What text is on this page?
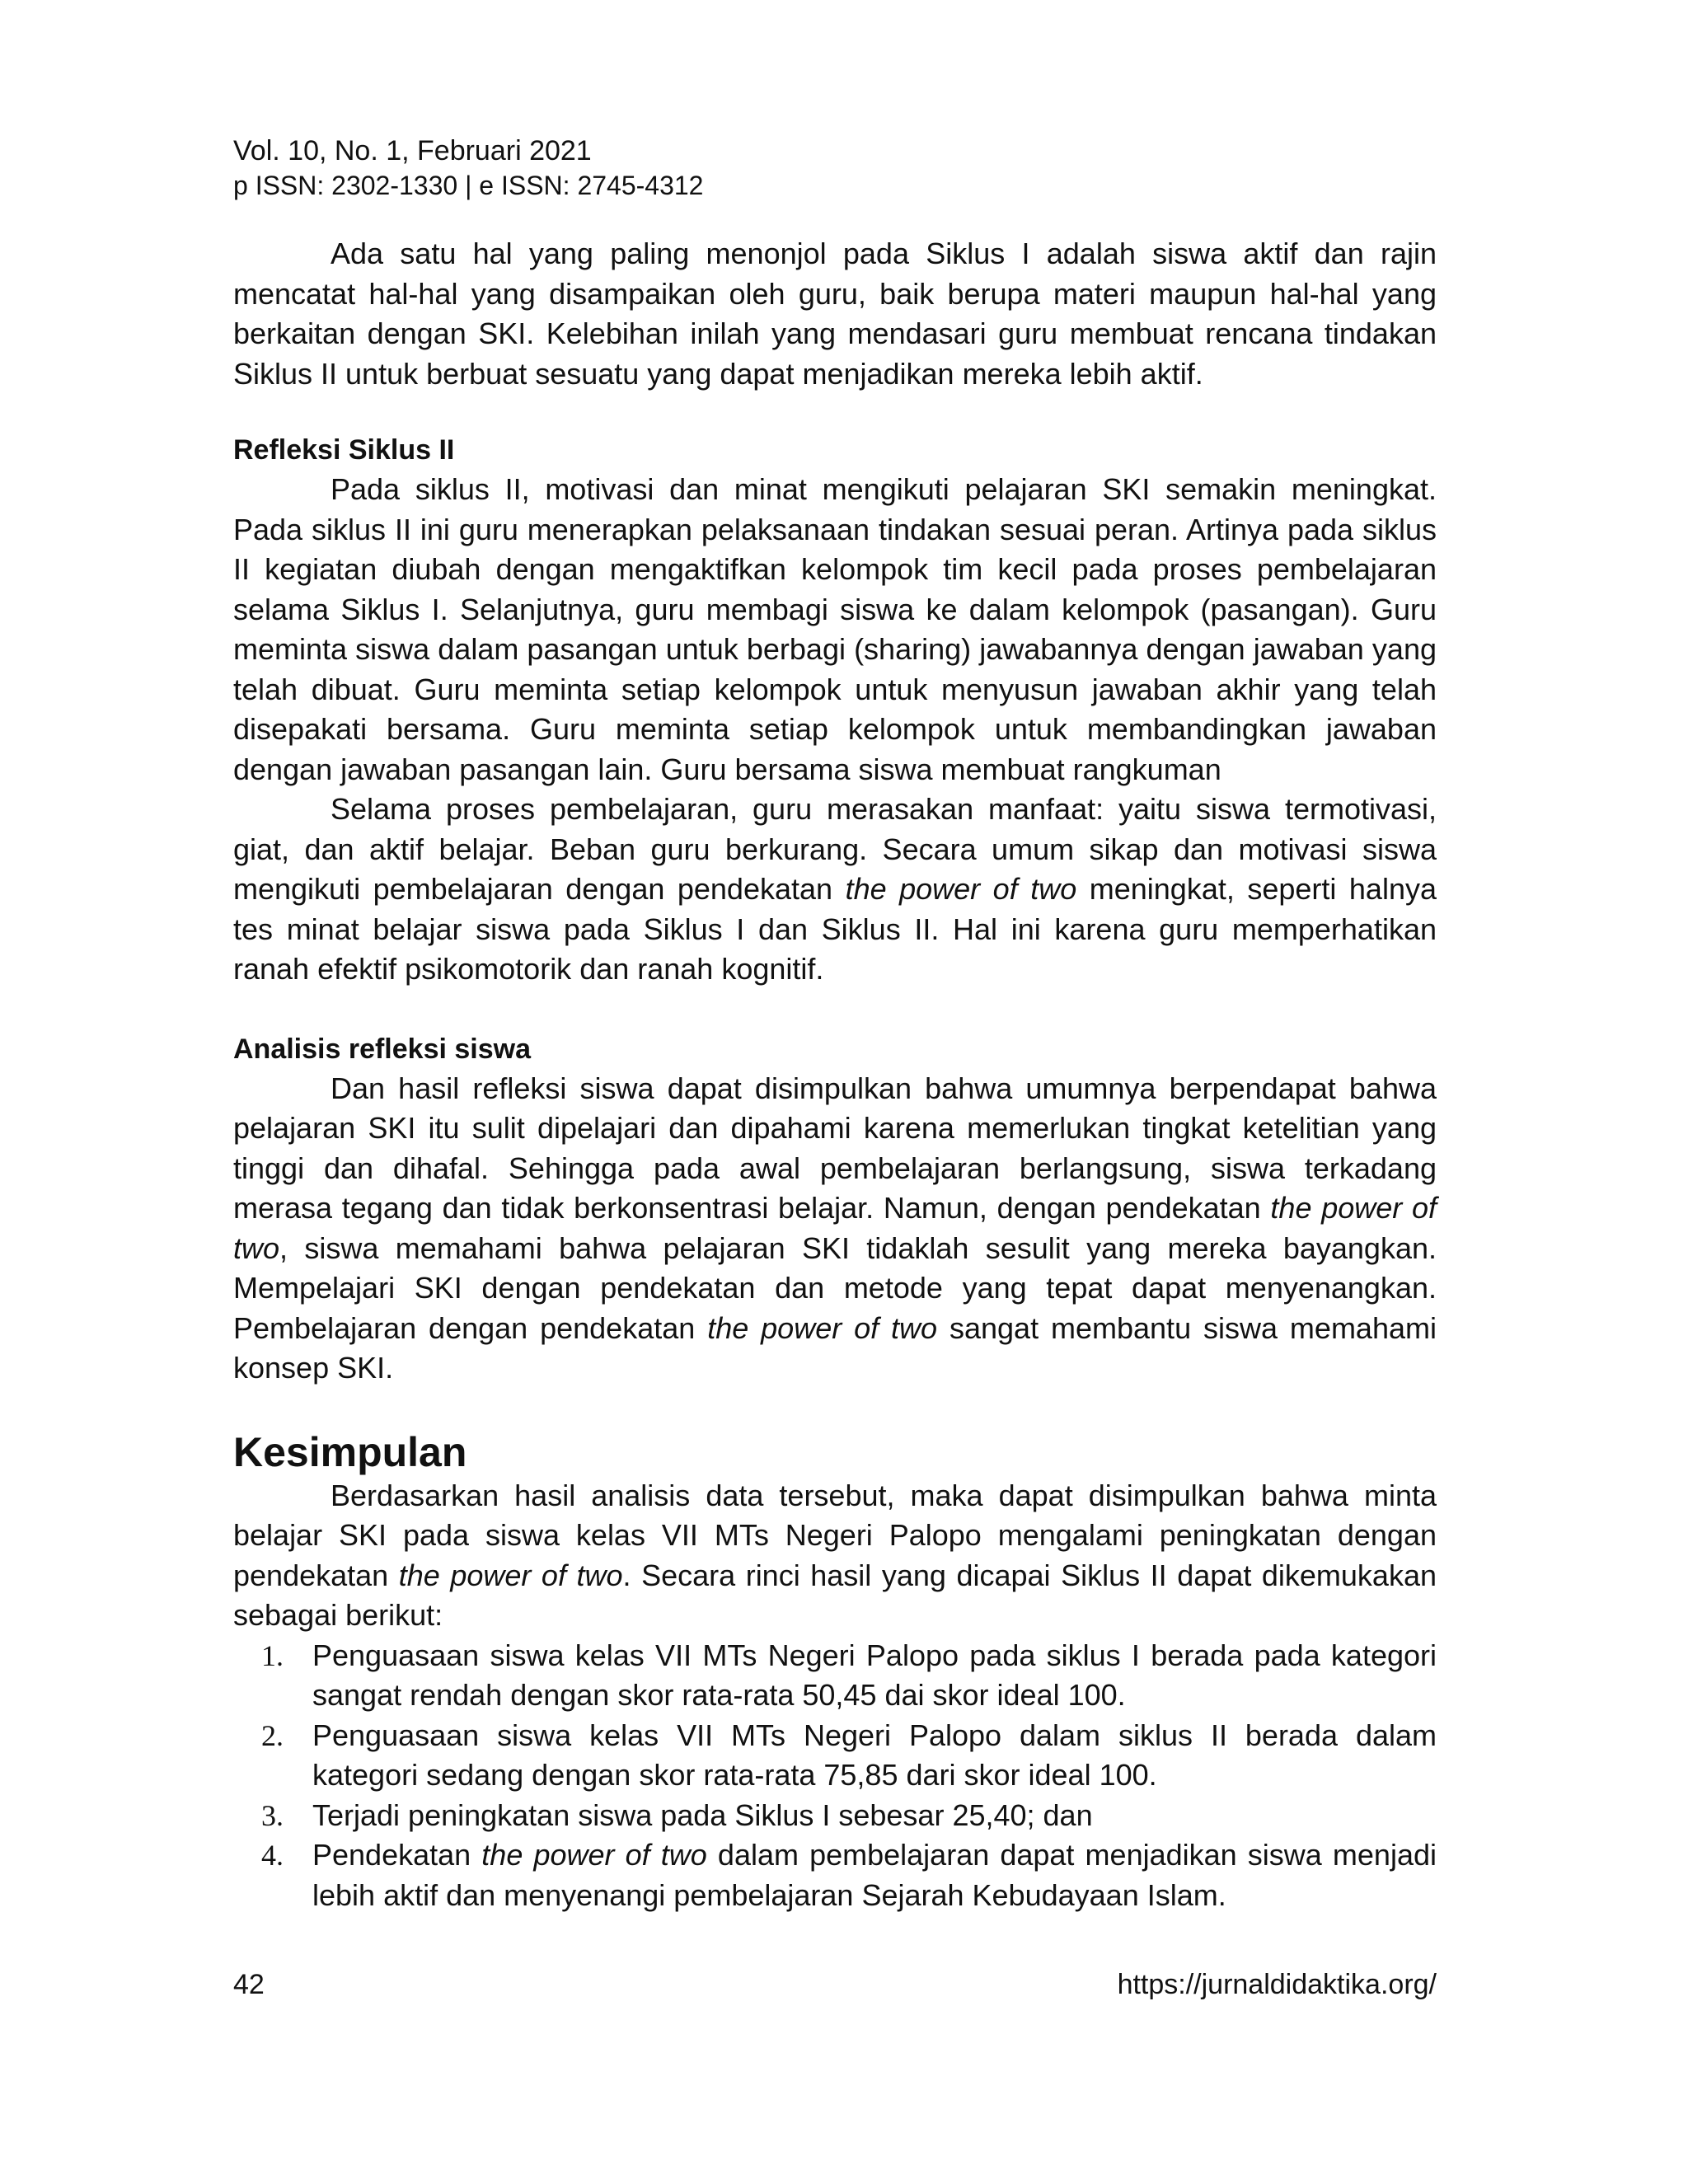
Vol. 10, No. 1, Februari 2021
p ISSN: 2302-1330 | e ISSN: 2745-4312

Ada satu hal yang paling menonjol pada Siklus I adalah siswa aktif dan rajin mencatat hal-hal yang disampaikan oleh guru, baik berupa materi maupun hal-hal yang berkaitan dengan SKI. Kelebihan inilah yang mendasari guru membuat rencana tindakan Siklus II untuk berbuat sesuatu yang dapat menjadikan mereka lebih aktif.

Refleksi Siklus II

Pada siklus II, motivasi dan minat mengikuti pelajaran SKI semakin meningkat. Pada siklus II ini guru menerapkan pelaksanaan tindakan sesuai peran. Artinya pada siklus II kegiatan diubah dengan mengaktifkan kelompok tim kecil pada proses pembelajaran selama Siklus I. Selanjutnya, guru membagi siswa ke dalam kelompok (pasangan). Guru meminta siswa dalam pasangan untuk berbagi (sharing) jawabannya dengan jawaban yang telah dibuat. Guru meminta setiap kelompok untuk menyusun jawaban akhir yang telah disepakati bersama. Guru meminta setiap kelompok untuk membandingkan jawaban dengan jawaban pasangan lain. Guru bersama siswa membuat rangkuman

Selama proses pembelajaran, guru merasakan manfaat: yaitu siswa termotivasi, giat, dan aktif belajar. Beban guru berkurang. Secara umum sikap dan motivasi siswa mengikuti pembelajaran dengan pendekatan the power of two meningkat, seperti halnya tes minat belajar siswa pada Siklus I dan Siklus II. Hal ini karena guru memperhatikan ranah efektif psikomotorik dan ranah kognitif.

Analisis refleksi siswa

Dan hasil refleksi siswa dapat disimpulkan bahwa umumnya berpendapat bahwa pelajaran SKI itu sulit dipelajari dan dipahami karena memerlukan tingkat ketelitian yang tinggi dan dihafal. Sehingga pada awal pembelajaran berlangsung, siswa terkadang merasa tegang dan tidak berkonsentrasi belajar. Namun, dengan pendekatan the power of two, siswa memahami bahwa pelajaran SKI tidaklah sesulit yang mereka bayangkan. Mempelajari SKI dengan pendekatan dan metode yang tepat dapat menyenangkan. Pembelajaran dengan pendekatan the power of two sangat membantu siswa memahami konsep SKI.

Kesimpulan

Berdasarkan hasil analisis data tersebut, maka dapat disimpulkan bahwa minta belajar SKI pada siswa kelas VII MTs Negeri Palopo mengalami peningkatan dengan pendekatan the power of two. Secara rinci hasil yang dicapai Siklus II dapat dikemukakan sebagai berikut:

1. Penguasaan siswa kelas VII MTs Negeri Palopo pada siklus I berada pada kategori sangat rendah dengan skor rata-rata 50,45 dai skor ideal 100.
2. Penguasaan siswa kelas VII MTs Negeri Palopo dalam siklus II berada dalam kategori sedang dengan skor rata-rata 75,85 dari skor ideal 100.
3. Terjadi peningkatan siswa pada Siklus I sebesar 25,40; dan
4. Pendekatan the power of two dalam pembelajaran dapat menjadikan siswa menjadi lebih aktif dan menyenangi pembelajaran Sejarah Kebudayaan Islam.
42	https://jurnaldidaktika.org/
